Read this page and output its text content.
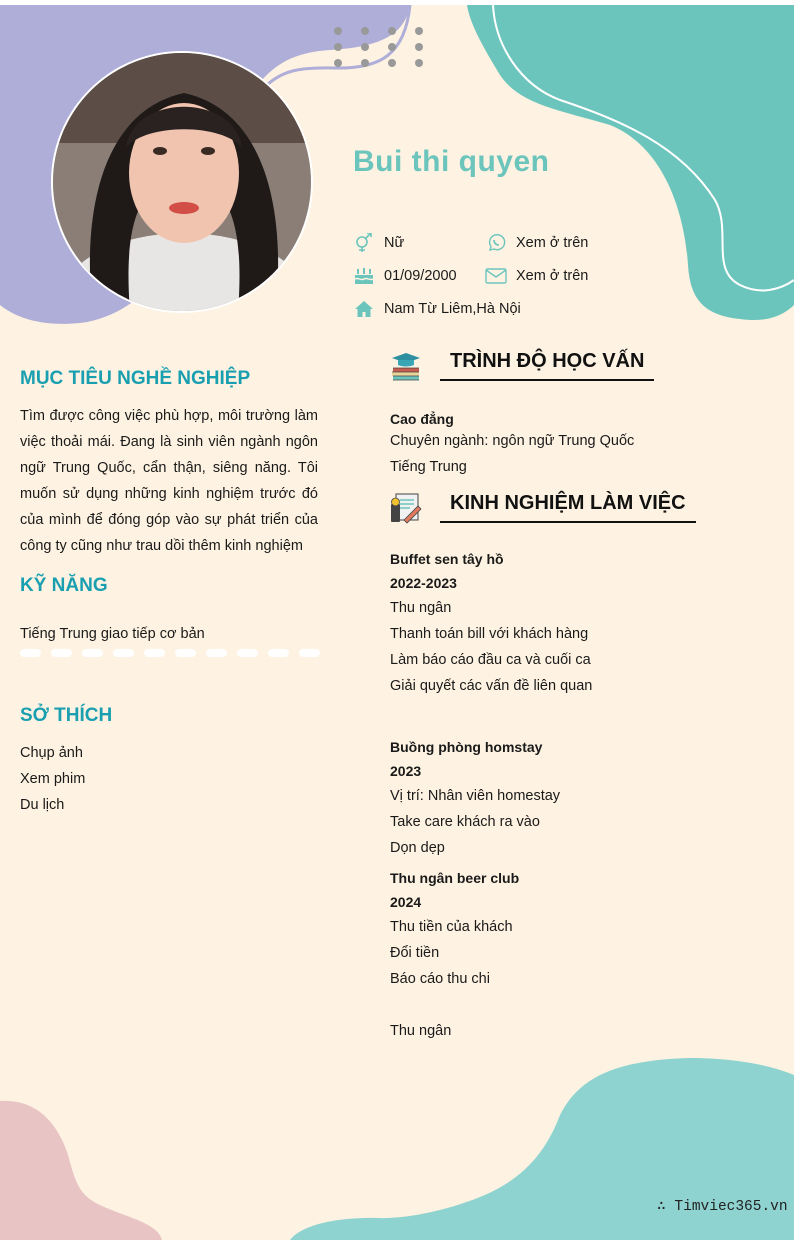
Bui thi quyen
Nữ	Xem ở trên
01/09/2000	Xem ở trên
Nam Từ Liêm,Hà Nội
MỤC TIÊU NGHỀ NGHIỆP
Tìm được công việc phù hợp, môi trường làm việc thoải mái. Đang là sinh viên ngành ngôn ngữ Trung Quốc, cẩn thận, siêng năng. Tôi muốn sử dụng những kinh nghiệm trước đó của mình để đóng góp vào sự phát triển của công ty cũng như trau dồi thêm kinh nghiệm
KỸ NĂNG
Tiếng Trung giao tiếp cơ bản
SỞ THÍCH
Chụp ảnh
Xem phim
Du lịch
TRÌNH ĐỘ HỌC VẤN
Cao đẳng
Chuyên ngành: ngôn ngữ Trung Quốc
Tiếng Trung
KINH NGHIỆM LÀM VIỆC
Buffet sen tây hồ
2022-2023
Thu ngân
Thanh toán bill với khách hàng
Làm báo cáo đầu ca và cuối ca
Giải quyết các vấn đề liên quan
Buồng phòng homstay
2023
Vị trí: Nhân viên homestay
Take care khách ra vào
Dọn dẹp
Thu ngân beer club
2024
Thu tiền của khách
Đổi tiền
Báo cáo thu chi
Thu ngân
∴ Timviec365.vn
